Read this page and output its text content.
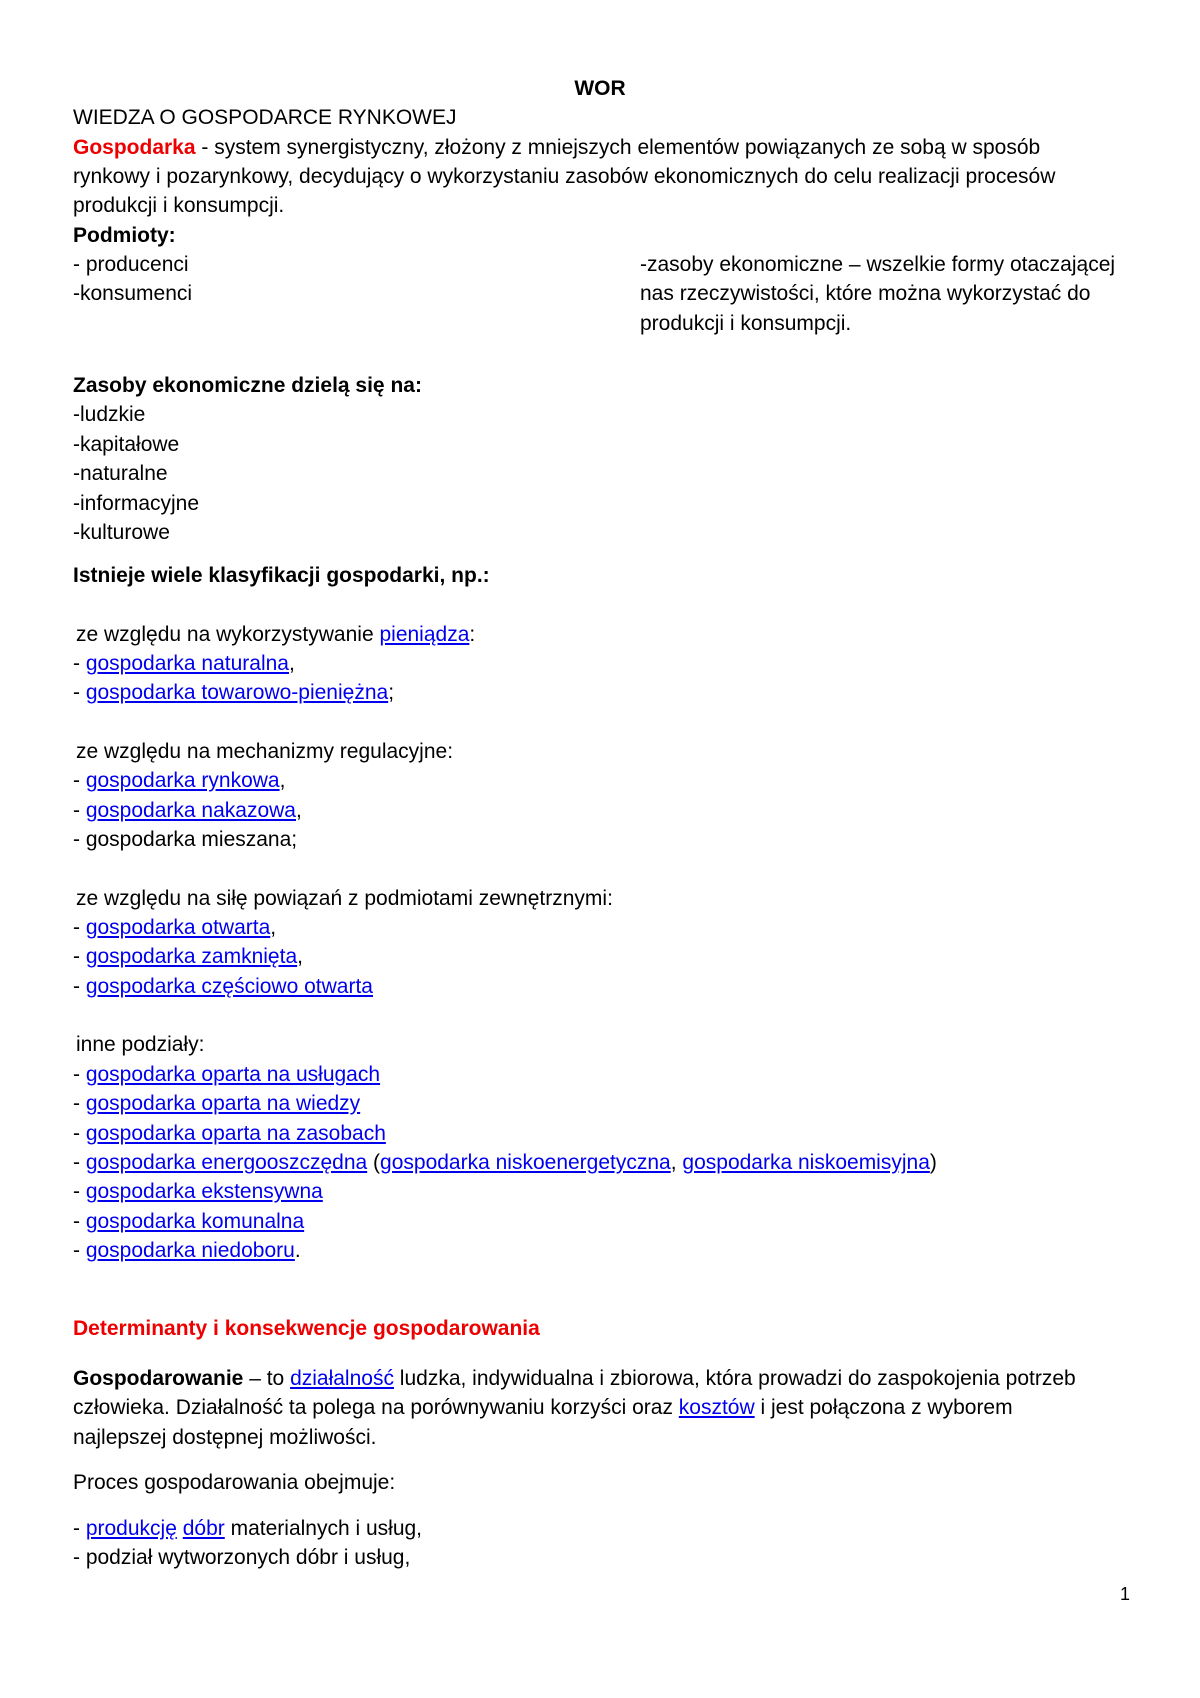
WOR
WIEDZA O GOSPODARCE RYNKOWEJ
Gospodarka - system synergistyczny, złożony z mniejszych elementów powiązanych ze sobą w sposób
rynkowy i pozarynkowy, decydujący o wykorzystaniu zasobów ekonomicznych do celu realizacji procesów
produkcji i konsumpcji.
Podmioty:
- producenci
-konsumenci
-zasoby ekonomiczne – wszelkie formy otaczającej
nas rzeczywistości, które można wykorzystać do
produkcji i konsumpcji.
Zasoby ekonomiczne dzielą się na:
-ludzkie
-kapitałowe
-naturalne
-informacyjne
-kulturowe
Istnieje wiele klasyfikacji gospodarki, np.:
ze względu na wykorzystywanie pieniądza:
- gospodarka naturalna,
- gospodarka towarowo-pieniężna;
ze względu na mechanizmy regulacyjne:
- gospodarka rynkowa,
- gospodarka nakazowa,
- gospodarka mieszana;
ze względu na siłę powiązań z podmiotami zewnętrznymi:
- gospodarka otwarta,
- gospodarka zamknięta,
- gospodarka częściowo otwarta
inne podziały:
- gospodarka oparta na usługach
- gospodarka oparta na wiedzy
- gospodarka oparta na zasobach
- gospodarka energooszczędna (gospodarka niskoenergetyczna, gospodarka niskoemisyjna)
- gospodarka ekstensywna
- gospodarka komunalna
- gospodarka niedoboru.
Determinanty i konsekwencje gospodarowania
Gospodarowanie – to działalność ludzka, indywidualna i zbiorowa, która prowadzi do zaspokojenia potrzeb
człowieka. Działalność ta polega na porównywaniu korzyści oraz kosztów i jest połączona z wyborem
najlepszej dostępnej możliwości.
Proces gospodarowania obejmuje:
- produkcję dóbr materialnych i usług,
- podział wytworzonych dóbr i usług,
1
